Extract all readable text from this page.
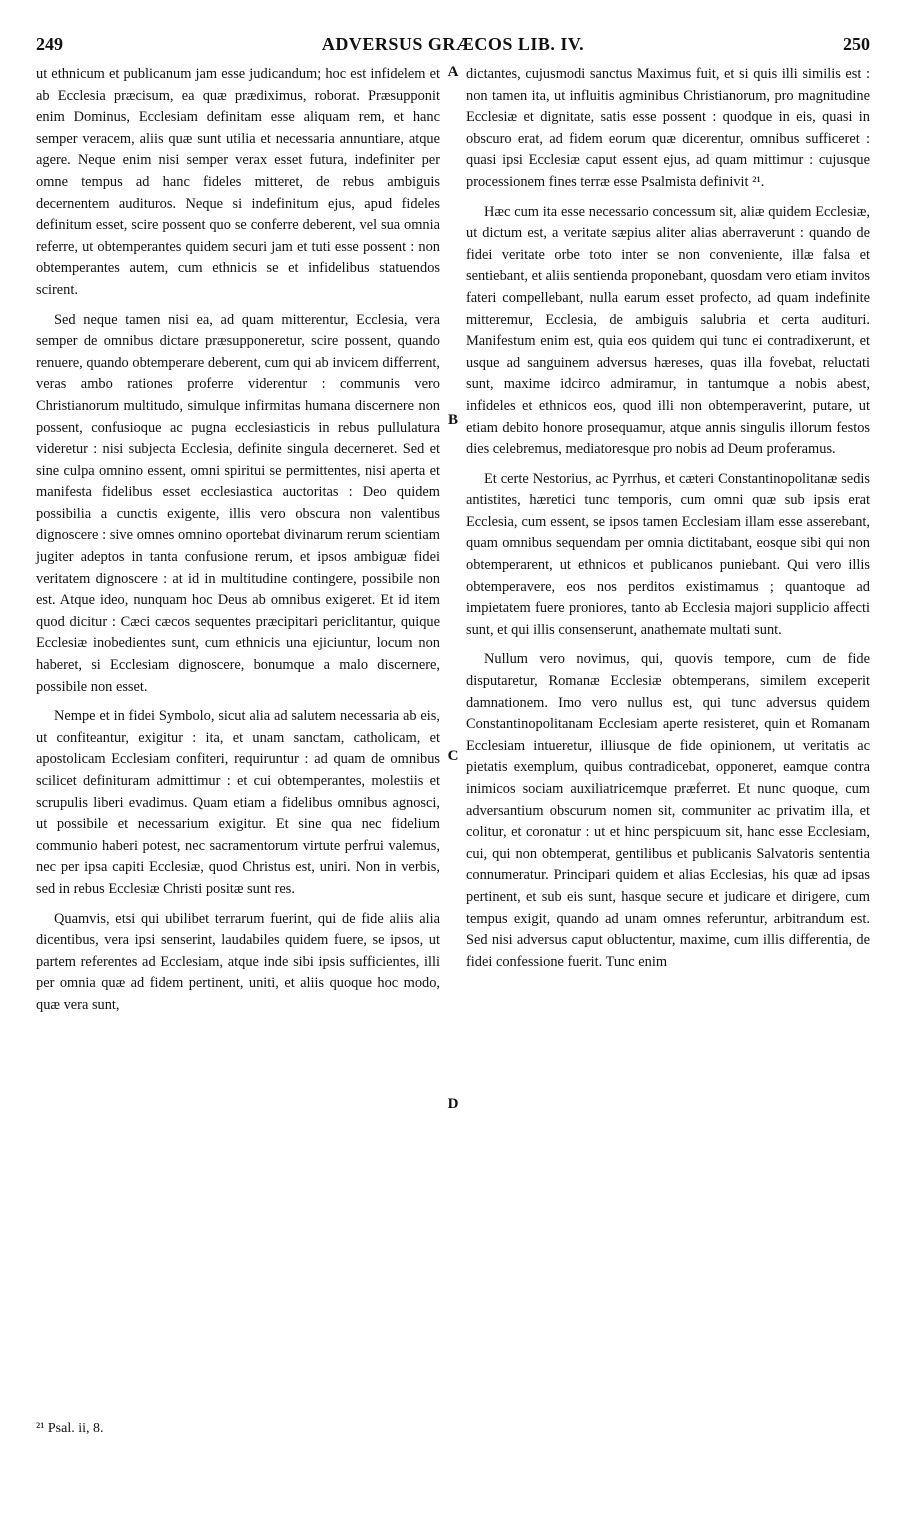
249	ADVERSUS GRÆCOS LIB. IV.	250

ut ethnicum et publicanum jam esse judicandum; hoc est infidelem et ab Ecclesia præcisum, ea quæ prædiximus, roborat. Præsupponit enim Dominus, Ecclesiam definitam esse aliquam rem, et hanc semper veracem, aliis quæ sunt utilia et necessaria annuntiare, atque agere. Neque enim nisi semper verax esset futura, indefiniter per omne tempus ad hanc fideles mitteret, de rebus ambiguis decernentem audituros. Neque si indefinitum ejus, apud fideles definitum esset, scire possent quo se conferre deberent, vel sua omnia referre, ut obtemperantes quidem securi jam et tuti esse possent : non obtemperantes autem, cum ethnicis se et infidelibus statuendos scirent.

Sed neque tamen nisi ea, ad quam mitterentur, Ecclesia, vera semper de omnibus dictare præsupponeretur, scire possent, quando renuere, quando obtemperare deberent, cum qui ab invicem differrent, veras ambo rationes proferre viderentur : communis vero Christianorum multitudo, simulque infirmitas humana discernere non possent, confusioque ac pugna ecclesiasticis in rebus pullulatura videretur : nisi subjecta Ecclesia, definite singula decerneret. Sed et sine culpa omnino essent, omni spiritui se permittentes, nisi aperta et manifesta fidelibus esset ecclesiastica auctoritas : Deo quidem possibilia a cunctis exigente, illis vero obscura non valentibus dignoscere : sive omnes omnino oportebat divinarum rerum scientiam jugiter adeptos in tanta confusione rerum, et ipsos ambiguæ fidei veritatem dignoscere : at id in multitudine contingere, possibile non est. Atque ideo, nunquam hoc Deus ab omnibus exigeret. Et id item quod dicitur : Cæci cæcos sequentes præcipitari periclitantur, quique Ecclesiæ inobedientes sunt, cum ethnicis una ejiciuntur, locum non haberet, si Ecclesiam dignoscere, bonumque a malo discernere, possibile non esset.

Nempe et in fidei Symbolo, sicut alia ad salutem necessaria ab eis, ut confiteantur, exigitur : ita, et unam sanctam, catholicam, et apostolicam Ecclesiam confiteri, requiruntur : ad quam de omnibus scilicet definituram admittimur : et cui obtemperantes, molestiis et scrupulis liberi evadimus. Quam etiam a fidelibus omnibus agnosci, ut possibile et necessarium exigitur. Et sine qua nec fidelium communio haberi potest, nec sacramentorum virtute perfrui valemus, nec per ipsa capiti Ecclesiæ, quod Christus est, uniri. Non in verbis, sed in rebus Ecclesiæ Christi positæ sunt res.

Quamvis, etsi qui ubilibet terrarum fuerint, qui de fide aliis alia dicentibus, vera ipsi senserint, laudabiles quidem fuere, se ipsos, ut partem referentes ad Ecclesiam, atque inde sibi ipsis sufficientes, illi per omnia quæ ad fidem pertinent, uniti, et aliis quoque hoc modo, quæ vera sunt,

A
B
C
D

dictantes, cujusmodi sanctus Maximus fuit, et si quis illi similis est : non tamen ita, ut influitis agminibus Christianorum, pro magnitudine Ecclesiæ et dignitate, satis esse possent : quodque in eis, quasi in obscuro erat, ad fidem eorum quæ dicerentur, omnibus sufficeret : quasi ipsi Ecclesiæ caput essent ejus, ad quam mittimur : cujusque processionem fines terræ esse Psalmista definivit ²¹.

Hæc cum ita esse necessario concessum sit, aliæ quidem Ecclesiæ, ut dictum est, a veritate sæpius aliter alias aberraverunt : quando de fidei veritate orbe toto inter se non conveniente, illæ falsa et sentiebant, et aliis sentienda proponebant, quosdam vero etiam invitos fateri compellebant, nulla earum esset profecto, ad quam indefinite mitteremur, Ecclesia, de ambiguis salubria et certa audituri. Manifestum enim est, quia eos quidem qui tunc ei contradixerunt, et usque ad sanguinem adversus hæreses, quas illa fovebat, reluctati sunt, maxime idcirco admiramur, in tantumque a nobis abest, infideles et ethnicos eos, quod illi non obtemperaverint, putare, ut etiam debito honore prosequamur, atque annis singulis illorum festos dies celebremus, mediatoresque pro nobis ad Deum proferamus.

Et certe Nestorius, ac Pyrrhus, et cæteri Constantinopolitanæ sedis antistites, hæretici tunc temporis, cum omni quæ sub ipsis erat Ecclesia, cum essent, se ipsos tamen Ecclesiam illam esse asserebant, quam omnibus sequendam per omnia dictitabant, eosque sibi qui non obtemperarent, ut ethnicos et publicanos puniebant. Qui vero illis obtemperavere, eos nos perditos existimamus ; quantoque ad impietatem fuere proniores, tanto ab Ecclesia majori supplicio affecti sunt, et qui illis consenserunt, anathemate multati sunt.

Nullum vero novimus, qui, quovis tempore, cum de fide disputaretur, Romanæ Ecclesiæ obtemperans, similem exceperit damnationem. Imo vero nullus est, qui tunc adversus quidem Constantinopolitanam Ecclesiam aperte resisteret, quin et Romanam Ecclesiam intueretur, illiusque de fide opinionem, ut veritatis ac pietatis exemplum, quibus contradicebat, opponeret, eamque contra inimicos sociam auxiliatricemque præferret. Et nunc quoque, cum adversantium obscurum nomen sit, communiter ac privatim illa, et colitur, et coronatur : ut et hinc perspicuum sit, hanc esse Ecclesiam, cui, qui non obtemperat, gentilibus et publicanis Salvatoris sententia connumeratur. Principari quidem et alias Ecclesias, his quæ ad ipsas pertinent, et sub eis sunt, hasque secure et judicare et dirigere, cum tempus exigit, quando ad unam omnes referuntur, arbitrandum est. Sed nisi adversus caput obluctentur, maxime, cum illis differentia, de fidei confessione fuerit. Tunc enim

²¹ Psal. ii, 8.
